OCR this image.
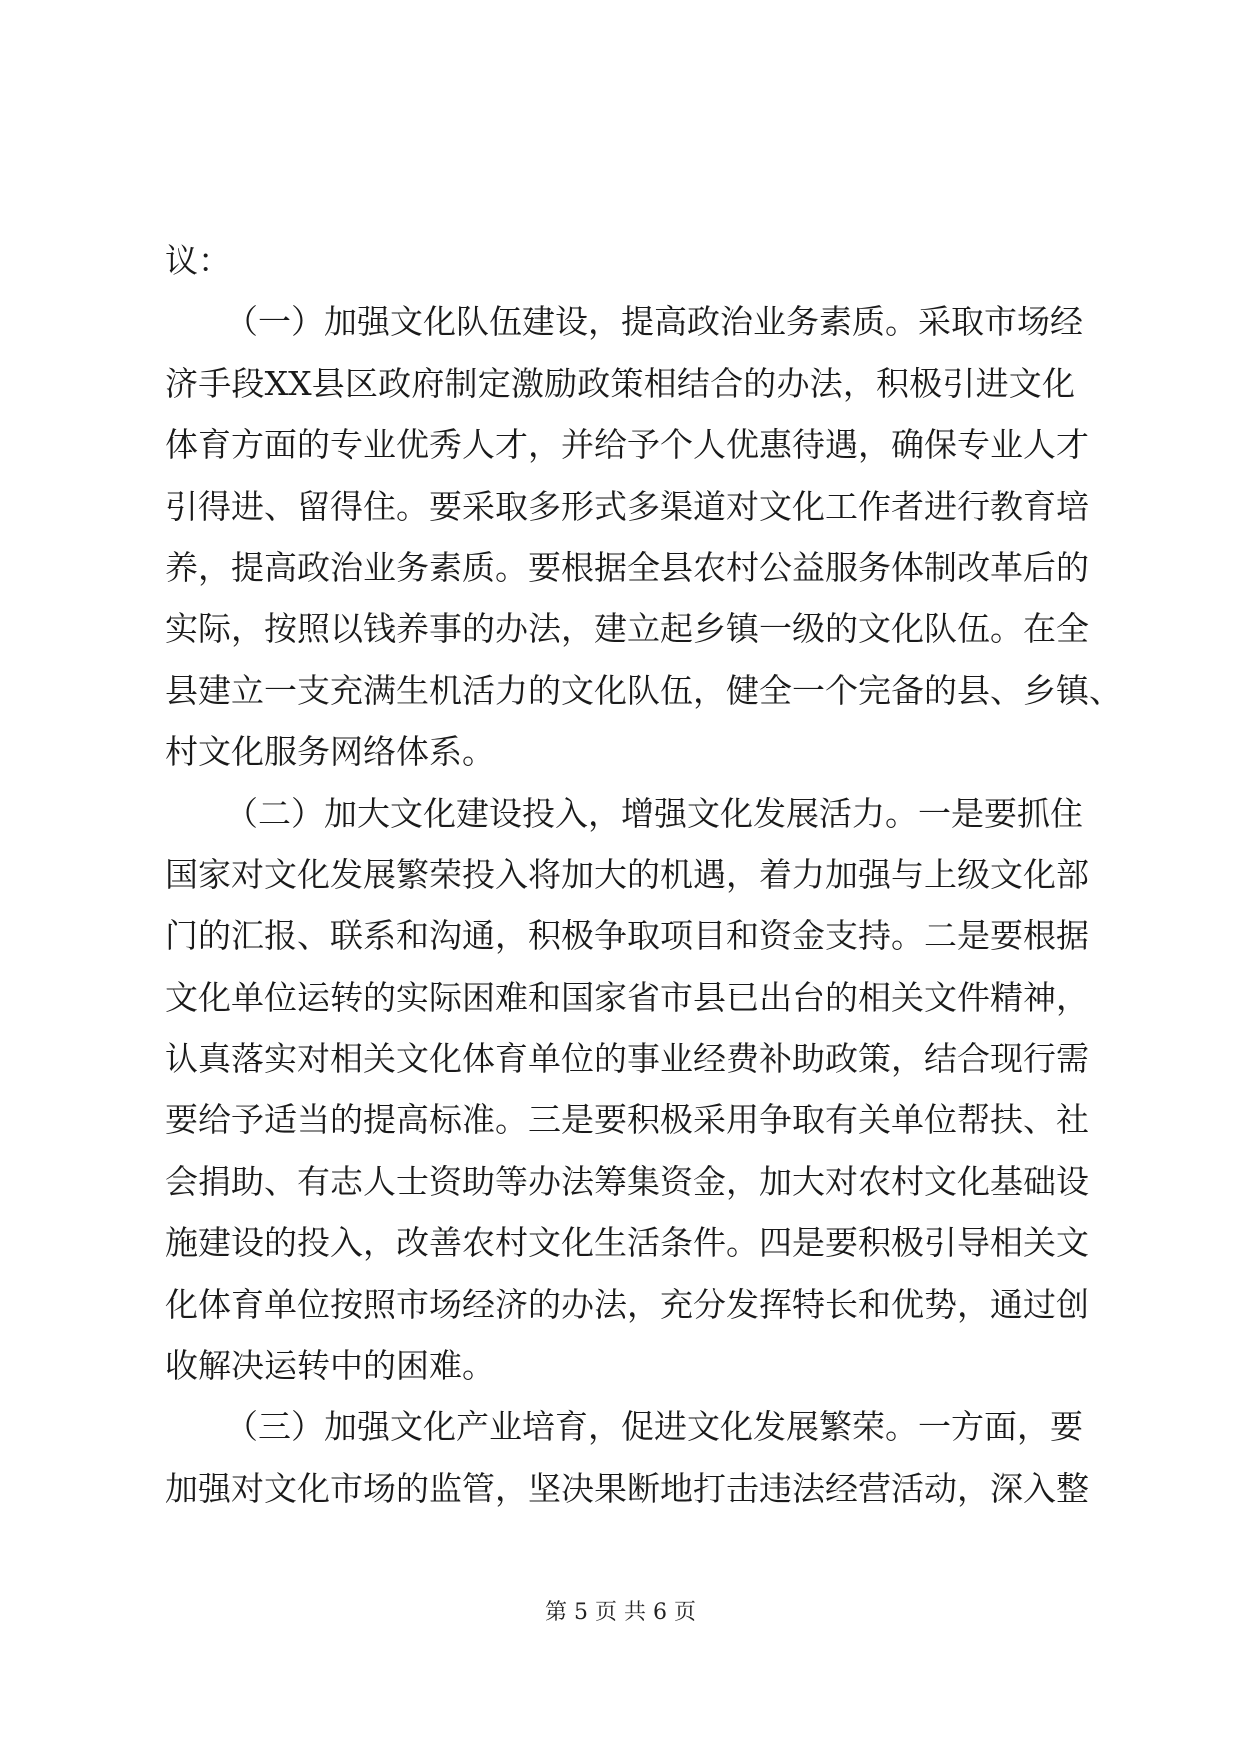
议：
（一）加强文化队伍建设，提高政治业务素质。采取市场经
济手段XX县区政府制定激励政策相结合的办法，积极引进文化
体育方面的专业优秀人才，并给予个人优惠待遇，确保专业人才
引得进、留得住。要采取多形式多渠道对文化工作者进行教育培
养，提高政治业务素质。要根据全县农村公益服务体制改革后的
实际，按照以钱养事的办法，建立起乡镇一级的文化队伍。在全
县建立一支充满生机活力的文化队伍，健全一个完备的县、乡镇、
村文化服务网络体系。
（二）加大文化建设投入，增强文化发展活力。一是要抓住
国家对文化发展繁荣投入将加大的机遇，着力加强与上级文化部
门的汇报、联系和沟通，积极争取项目和资金支持。二是要根据
文化单位运转的实际困难和国家省市县已出台的相关文件精神，
认真落实对相关文化体育单位的事业经费补助政策，结合现行需
要给予适当的提高标准。三是要积极采用争取有关单位帮扶、社
会捐助、有志人士资助等办法筹集资金，加大对农村文化基础设
施建设的投入，改善农村文化生活条件。四是要积极引导相关文
化体育单位按照市场经济的办法，充分发挥特长和优势，通过创
收解决运转中的困难。
（三）加强文化产业培育，促进文化发展繁荣。一方面，要
加强对文化市场的监管，坚决果断地打击违法经营活动，深入整
第 5 页 共 6 页
